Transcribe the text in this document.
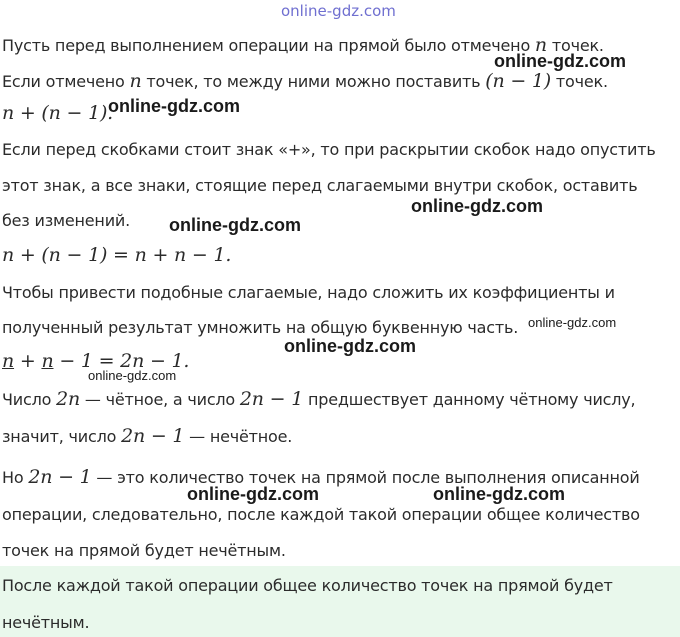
online-gdz.com
Пусть перед выполнением операции на прямой было отмечено n точек.
Если отмечено n точек, то между ними можно поставить (n − 1) точек.
n + (n − 1).
Если перед скобками стоит знак «+», то при раскрытии скобок надо опустить
этот знак, а все знаки, стоящие перед слагаемыми внутри скобок, оставить
без изменений.
n + (n − 1) = n + n − 1.
Чтобы привести подобные слагаемые, надо сложить их коэффициенты и
полученный результат умножить на общую буквенную часть.
n + n − 1 = 2n − 1.
Число 2n — чётное, а число 2n − 1 предшествует данному чётному числу,
значит, число 2n − 1 — нечётное.
Но 2n − 1 — это количество точек на прямой после выполнения описанной
операции, следовательно, после каждой такой операции общее количество
точек на прямой будет нечётным.
После каждой такой операции общее количество точек на прямой будет
нечётным.
online-gdz.com
online-gdz.com
online-gdz.com
online-gdz.com
online-gdz.com
online-gdz.com
online-gdz.com
online-gdz.com	online-gdz.com
